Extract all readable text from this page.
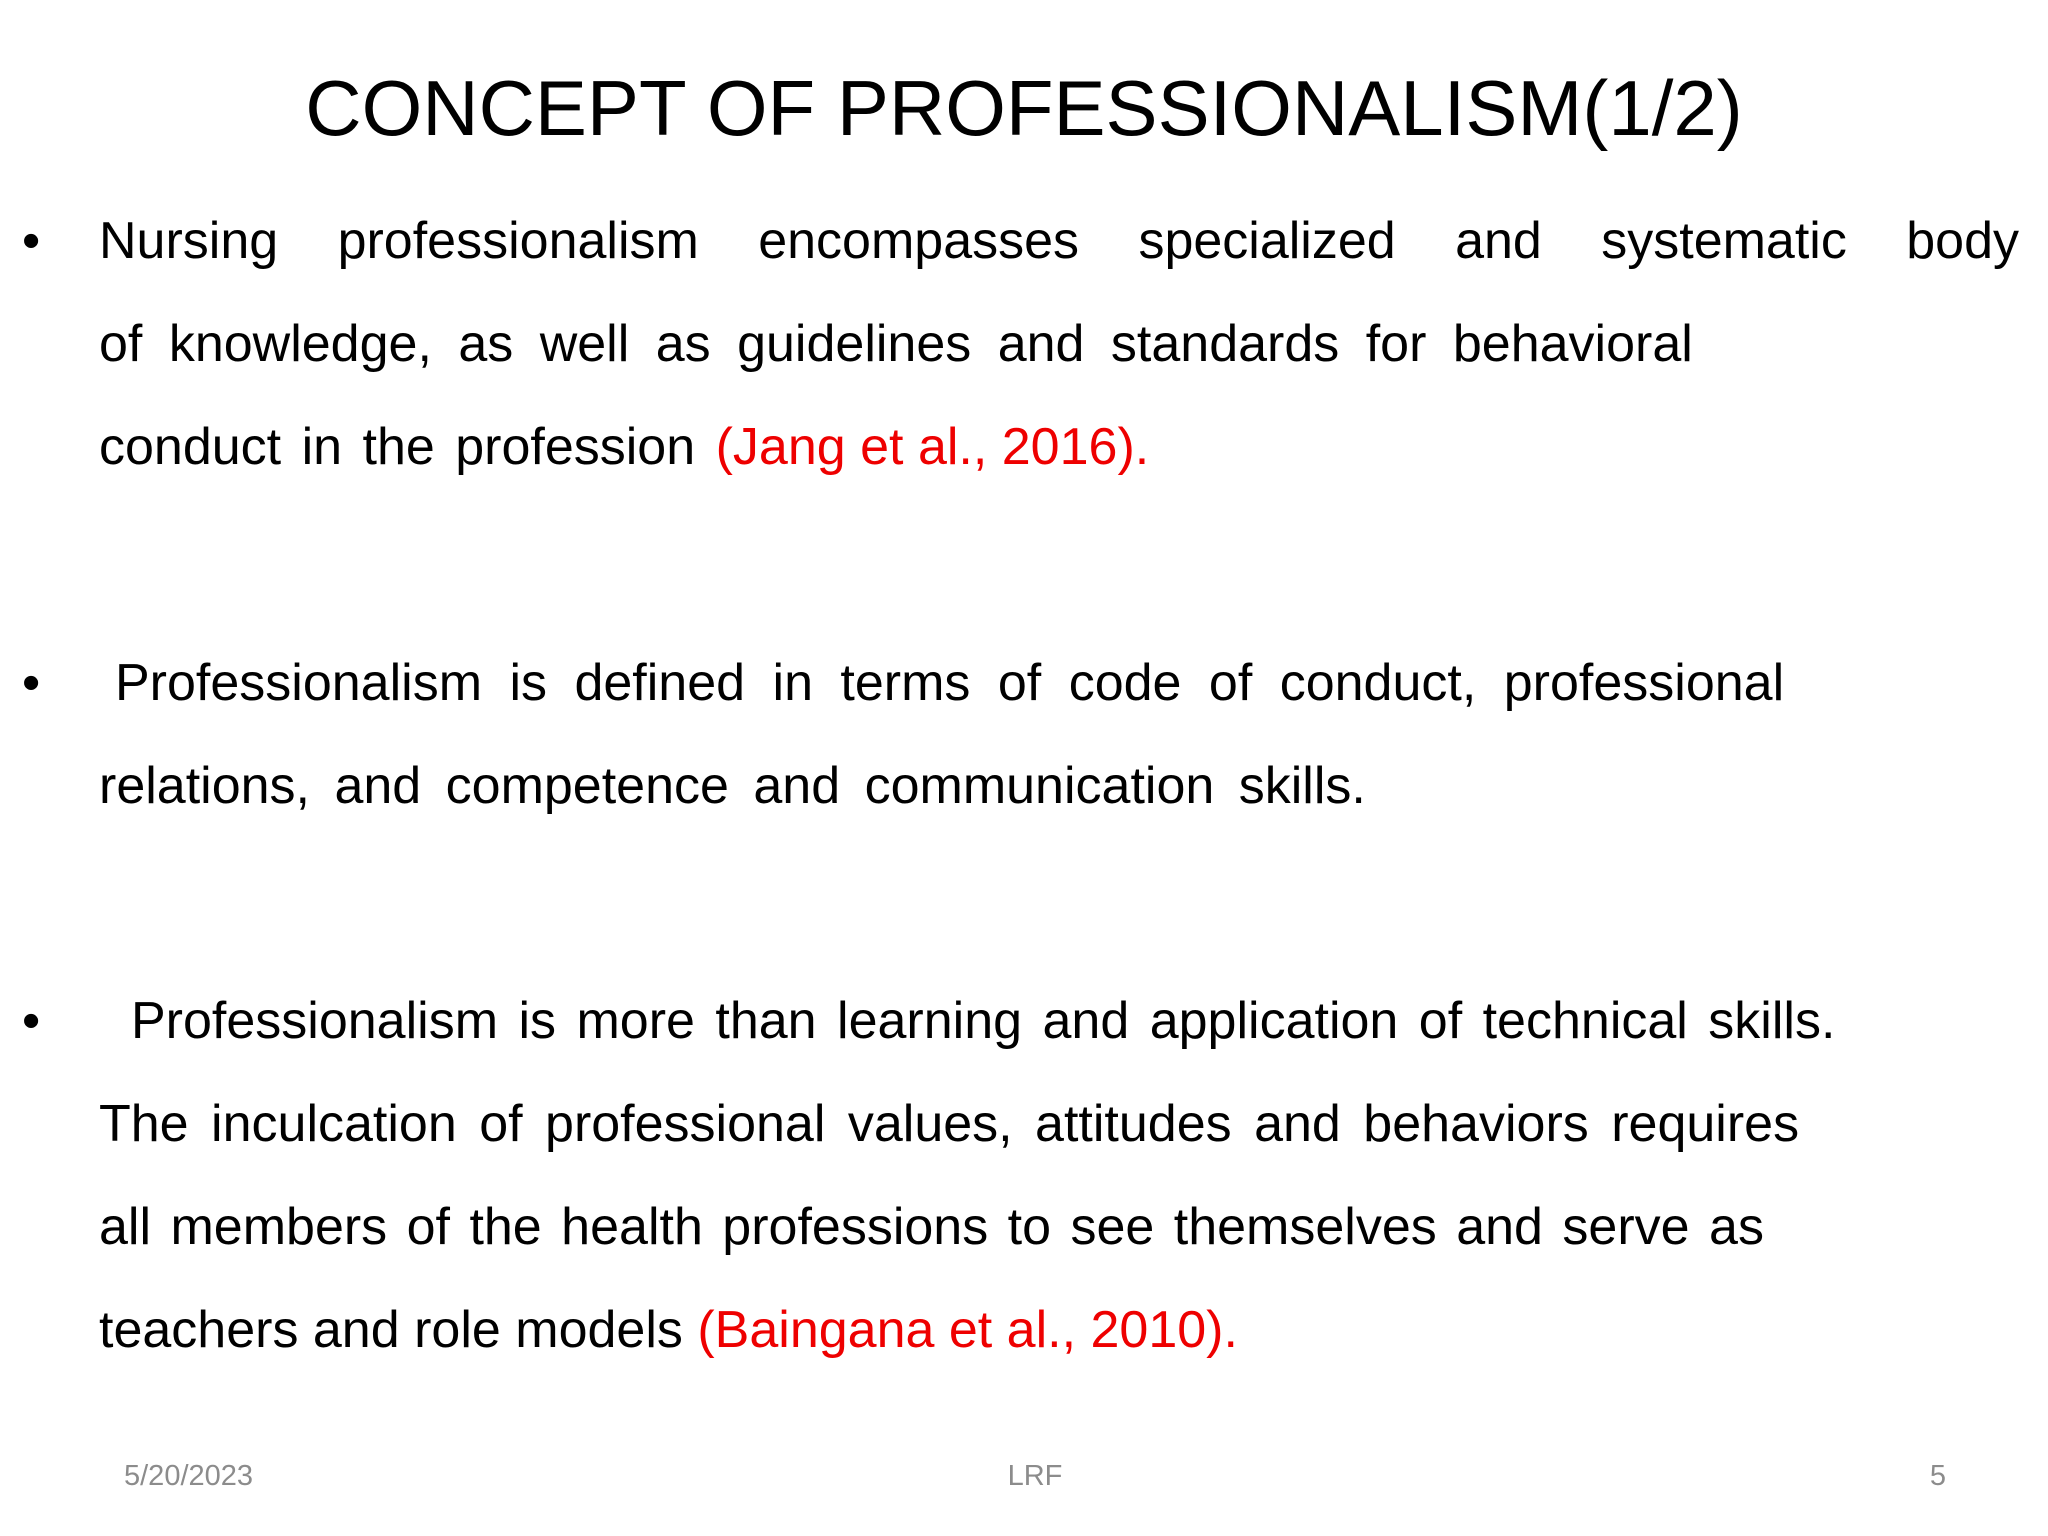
CONCEPT OF PROFESSIONALISM(1/2)
• Nursing professionalism encompasses specialized and systematic body
of knowledge, as well as guidelines and standards for behavioral
conduct in the profession (Jang et al., 2016).
• Professionalism is defined in terms of code of conduct, professional
relations, and competence and communication skills.
• Professionalism is more than learning and application of technical skills.
The inculcation of professional values, attitudes and behaviors requires
all members of the health professions to see themselves and serve as
teachers and role models (Baingana et al., 2010).
5/20/2023	LRF	5
